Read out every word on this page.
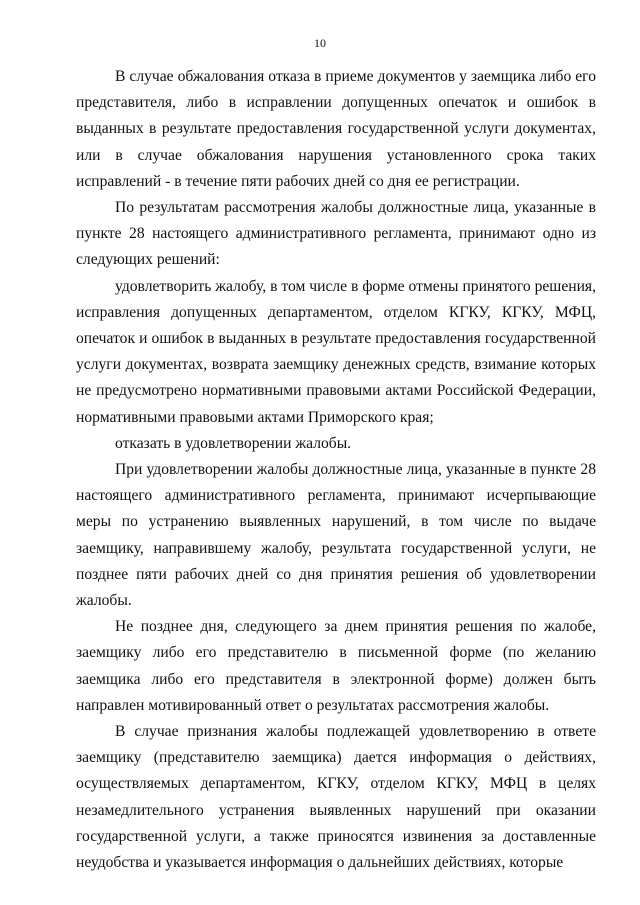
10

В случае обжалования отказа в приеме документов у заемщика либо его представителя, либо в исправлении допущенных опечаток и ошибок в выданных в результате предоставления государственной услуги документах, или в случае обжалования нарушения установленного срока таких исправлений - в течение пяти рабочих дней со дня ее регистрации.

По результатам рассмотрения жалобы должностные лица, указанные в пункте 28 настоящего административного регламента, принимают одно из следующих решений:

удовлетворить жалобу, в том числе в форме отмены принятого решения, исправления допущенных департаментом, отделом КГКУ, КГКУ, МФЦ, опечаток и ошибок в выданных в результате предоставления государственной услуги документах, возврата заемщику денежных средств, взимание которых не предусмотрено нормативными правовыми актами Российской Федерации, нормативными правовыми актами Приморского края;

отказать в удовлетворении жалобы.

При удовлетворении жалобы должностные лица, указанные в пункте 28 настоящего административного регламента, принимают исчерпывающие меры по устранению выявленных нарушений, в том числе по выдаче заемщику, направившему жалобу, результата государственной услуги, не позднее пяти рабочих дней со дня принятия решения об удовлетворении жалобы.

Не позднее дня, следующего за днем принятия решения по жалобе, заемщику либо его представителю в письменной форме (по желанию заемщика либо его представителя в электронной форме) должен быть направлен мотивированный ответ о результатах рассмотрения жалобы.

В случае признания жалобы подлежащей удовлетворению в ответе заемщику (представителю заемщика) дается информация о действиях, осуществляемых департаментом, КГКУ, отделом КГКУ, МФЦ в целях незамедлительного устранения выявленных нарушений при оказании государственной услуги, а также приносятся извинения за доставленные неудобства и указывается информация о дальнейших действиях, которые
